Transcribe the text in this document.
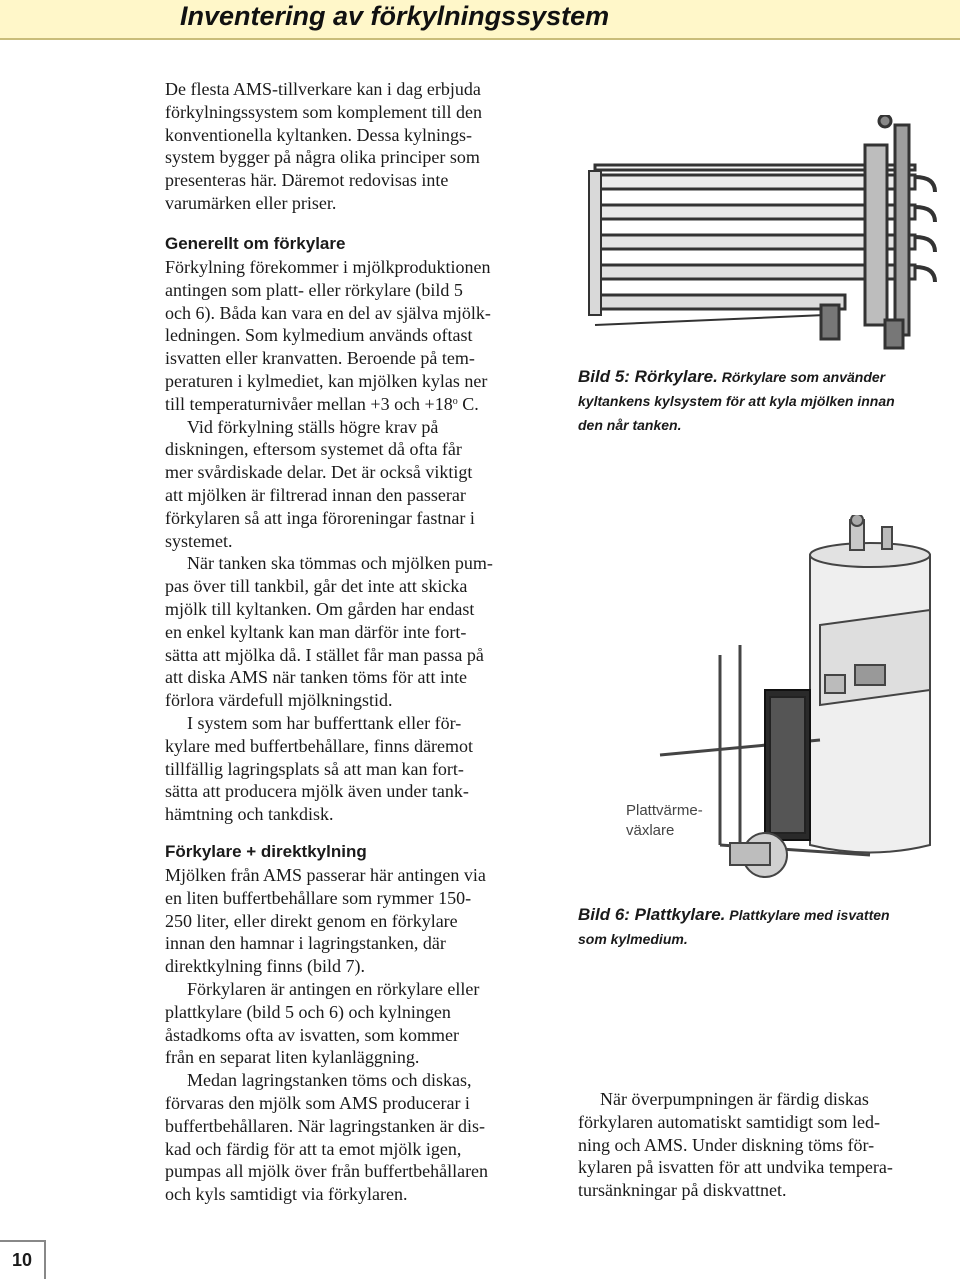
Inventering av förkylningssystem
De flesta AMS-tillverkare kan i dag erbjuda
förkylningssystem som komplement till den
konventionella kyltanken. Dessa kylnings-
system bygger på några olika principer som
presenteras här. Däremot redovisas inte
varumärken eller priser.
Generellt om förkylare
Förkylning förekommer i mjölkproduktionen
antingen som platt- eller rörkylare (bild 5
och 6). Båda kan vara en del av själva mjölk-
ledningen. Som kylmedium används oftast
isvatten eller kranvatten. Beroende på tem-
peraturen i kylmediet, kan mjölken kylas ner
till temperaturnivåer mellan +3 och $+18^o$ C.
Vid förkylning ställs högre krav på
diskningen, eftersom systemet då ofta får
mer svårdiskade delar. Det är också viktigt
att mjölken är filtrerad innan den passerar
förkylaren så att inga föroreningar fastnar i
systemet.
När tanken ska tömmas och mjölken pum-
pas över till tankbil, går det inte att skicka
mjölk till kyltanken. Om gården har endast
en enkel kyltank kan man därför inte fort-
sätta att mjölka då. I stället får man passa på
att diska AMS när tanken töms för att inte
förlora värdefull mjölkningstid.
I system som har bufferttank eller för-
kylare med buffertbehållare, finns däremot
tillfällig lagringsplats så att man kan fort-
sätta att producera mjölk även under tank-
hämtning och tankdisk.
Förkylare + direktkylning
Mjölken från AMS passerar här antingen via
en liten buffertbehållare som rymmer 150-
250 liter, eller direkt genom en förkylare
innan den hamnar i lagringstanken, där
direktkylning finns (bild 7).
Förkylaren är antingen en rörkylare eller
plattkylare (bild 5 och 6) och kylningen
åstadkoms ofta av isvatten, som kommer
från en separat liten kylanläggning.
Medan lagringstanken töms och diskas,
förvaras den mjölk som AMS producerar i
buffertbehållaren. När lagringstanken är dis-
kad och färdig för att ta emot mjölk igen,
pumpas all mjölk över från buffertbehållaren
och kyls samtidigt via förkylaren.
Bild 5: Rörkylare. Rörkylare som använder
kyltankens kylsystem för att kyla mjölken innan
den når tanken.
Plattvärme-
växlare
Bild 6: Plattkylare. Plattkylare med isvatten
som kylmedium.
När överpumpningen är färdig diskas
förkylaren automatiskt samtidigt som led-
ning och AMS. Under diskning töms för-
kylaren på isvatten för att undvika tempera-
tursänkningar på diskvattnet.
10
